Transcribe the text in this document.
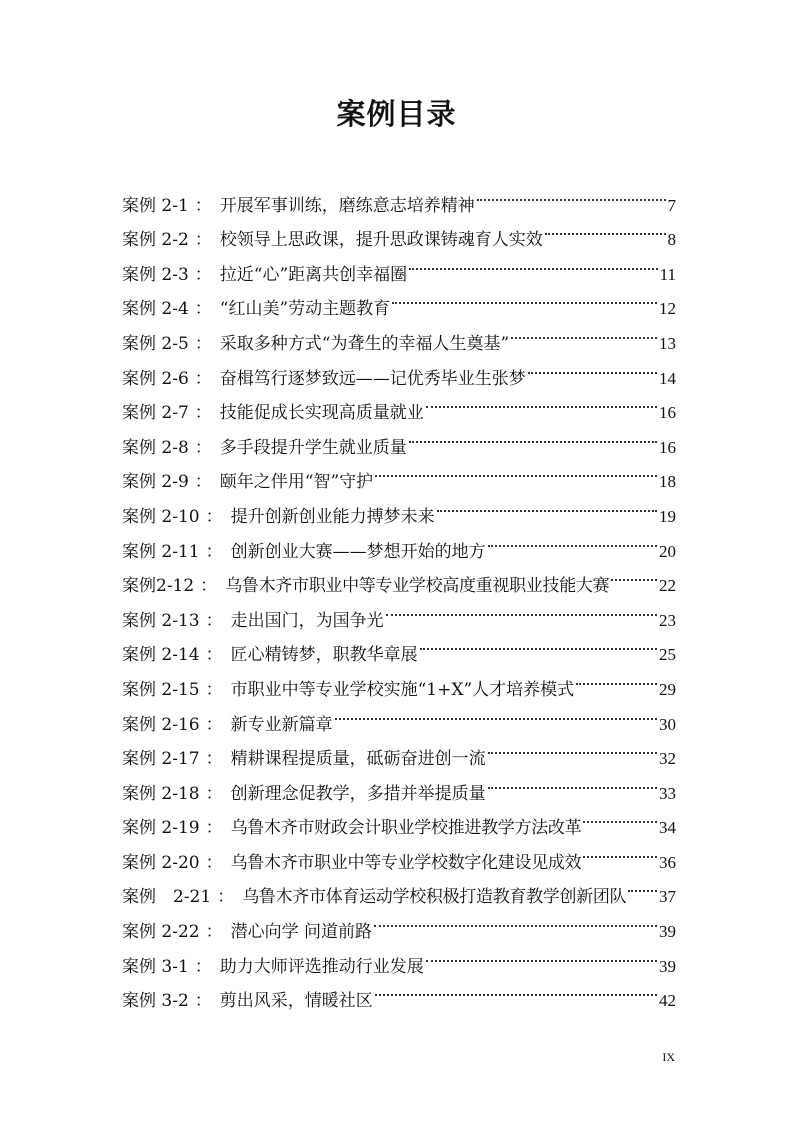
案例目录
案例 2-1 ： 开展军事训练，磨练意志培养精神	7
案例 2-2 ： 校领导上思政课，提升思政课铸魂育人实效	8
案例 2-3 ： 拉近“心”距离共创幸福圈	11
案例 2-4 ： “红山美”劳动主题教育	12
案例 2-5 ： 采取多种方式“为聋生的幸福人生奠基”	13
案例 2-6 ： 奋楫笃行逐梦致远——记优秀毕业生张梦	14
案例 2-7 ： 技能促成长实现高质量就业	16
案例 2-8 ： 多手段提升学生就业质量	16
案例 2-9 ： 颐年之伴用“智”守护	18
案例 2-10 ： 提升创新创业能力搏梦未来	19
案例 2-11 ： 创新创业大赛——梦想开始的地方	20
案例2-12 ： 乌鲁木齐市职业中等专业学校高度重视职业技能大赛	22
案例 2-13 ： 走出国门，为国争光	23
案例 2-14 ： 匠心精铸梦，职教华章展	25
案例 2-15 ： 市职业中等专业学校实施“1+X”人才培养模式	29
案例 2-16 ： 新专业新篇章	30
案例 2-17 ： 精耕课程提质量，砥砺奋进创一流	32
案例 2-18 ： 创新理念促教学，多措并举提质量	33
案例 2-19 ： 乌鲁木齐市财政会计职业学校推进教学方法改革	34
案例 2-20 ： 乌鲁木齐市职业中等专业学校数字化建设见成效	36
案例　2-21 ： 乌鲁木齐市体育运动学校积极打造教育教学创新团队 37
案例 2-22 ： 潜心向学 问道前路	39
案例 3-1 ： 助力大师评选推动行业发展	39
案例 3-2 ： 剪出风采，情暖社区	42
IX
